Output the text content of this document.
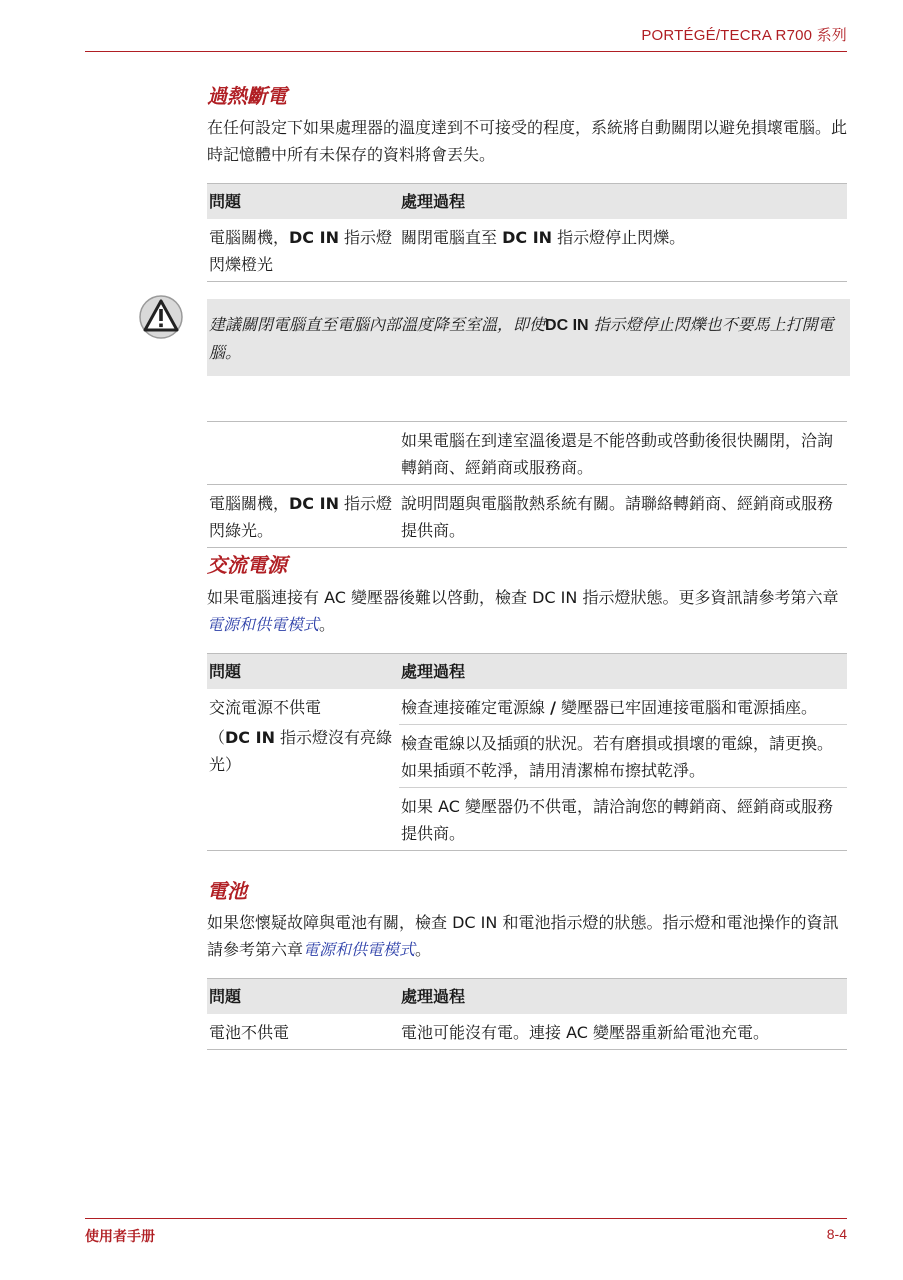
PORTÉGÉ/TECRA R700 系列
過熱斷電
在任何設定下如果處理器的溫度達到不可接受的程度，系統將自動關閉以避免損壞電腦。此時記憶體中所有未保存的資料將會丟失。
問題	處理過程
電腦關機，DC IN 指示燈閃爍橙光	關閉電腦直至 DC IN 指示燈停止閃爍。
建議關閉電腦直至電腦內部溫度降至室溫，即使DC IN 指示燈停止閃爍也不要馬上打開電腦。
	如果電腦在到達室溫後還是不能啓動或啓動後很快關閉，洽詢轉銷商、經銷商或服務商。
電腦關機，DC IN 指示燈閃綠光。	說明問題與電腦散熱系統有關。請聯絡轉銷商、經銷商或服務提供商。
交流電源
如果電腦連接有 AC 變壓器後難以啓動，檢查 DC IN 指示燈狀態。更多資訊請參考第六章電源和供電模式。
問題	處理過程

交流電源不供電
（DC IN 指示燈沒有亮綠光）	檢查連接確定電源線 / 變壓器已牢固連接電腦和電源插座。
	檢查電線以及插頭的狀況。若有磨損或損壞的電線，請更換。如果插頭不乾淨，請用清潔棉布擦拭乾淨。
	如果 AC 變壓器仍不供電，請洽詢您的轉銷商、經銷商或服務提供商。
電池
如果您懷疑故障與電池有關，檢查 DC IN 和電池指示燈的狀態。指示燈和電池操作的資訊請參考第六章電源和供電模式。
問題	處理過程
電池不供電	電池可能沒有電。連接 AC 變壓器重新給電池充電。
使用者手册	8-4
